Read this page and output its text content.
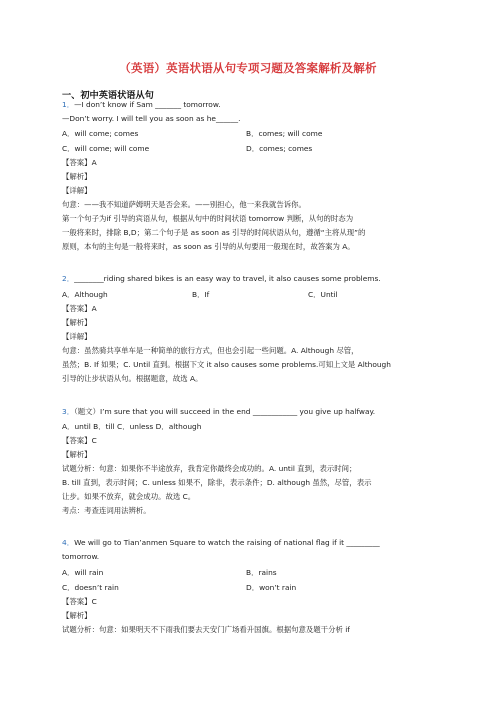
（英语）英语状语从句专项习题及答案解析及解析
一、初中英语状语从句
1．—I don’t know if Sam _______ tomorrow.
—Don’t worry. I will tell you as soon as he______.
A．will come; comes	B．comes; will come
C．will come; will come	D．comes; comes
【答案】A
【解析】
【详解】
句意：——我不知道萨姆明天是否会来。——别担心，他一来我就告诉你。
第一个句子为if 引导的宾语从句，根据从句中的时间状语 tomorrow 判断，从句的时态为
一般将来时，排除 B,D；第二个句子是 as soon as 引导的时间状语从句，遵循“主将从现”的
原则，本句的主句是一般将来时，as soon as 引导的从句要用一般现在时，故答案为 A。
2．________riding shared bikes is an easy way to travel, it also causes some problems.
A．Although	B．If	C．Until
【答案】A
【解析】
【详解】
句意：虽然骑共享单车是一种简单的旅行方式，但也会引起一些问题。A. Although 尽管，
虽然；B. If 如果；C. Until 直到。根据下文 it also causes some problems.可知上文是 Although
引导的让步状语从句。根据题意，故选 A。
3．（题文）I’m sure that you will succeed in the end ____________ you give up halfway.
A．until B．till C．unless D．although
【答案】C
【解析】
试题分析：句意：如果你不半途放弃，我肯定你最终会成功的。A. until 直到，表示时间；
B. till 直到，表示时间；C. unless 如果不，除非，表示条件；D. although 虽然，尽管，表示
让步。如果不放弃，就会成功。故选 C。
考点：考查连词用法辨析。
4．We will go to Tian’anmen Square to watch the raising of national flag if it _________
tomorrow.
A．will rain	B．rains
C．doesn’t rain	D．won’t rain
【答案】C
【解析】
试题分析：句意：如果明天不下雨我们要去天安门广场看升国旗。根据句意及题干分析 if
